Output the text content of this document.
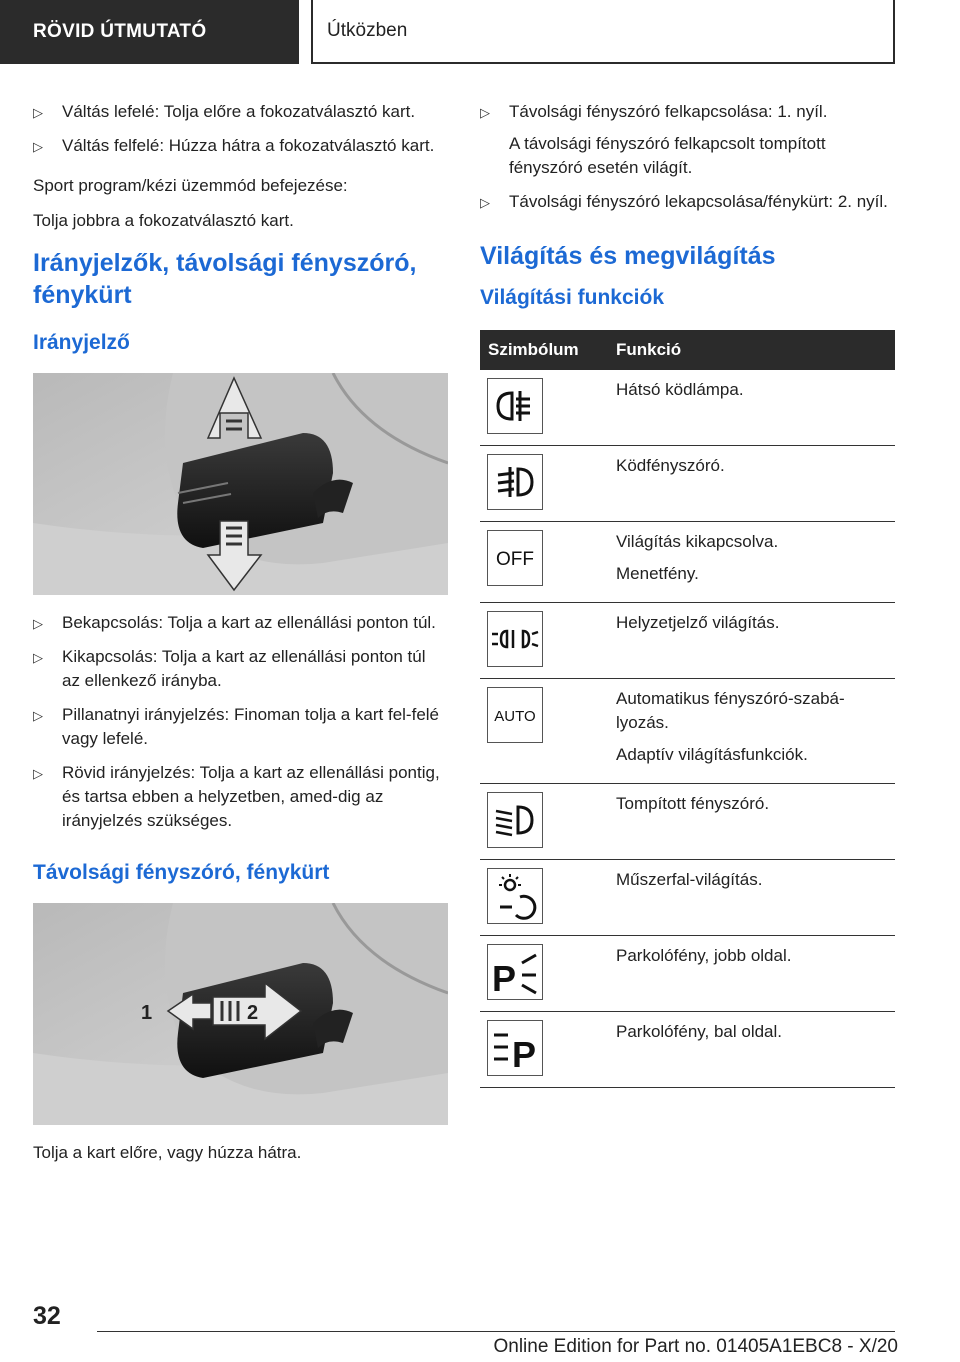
RÖVID ÚTMUTATÓ	Útközben
▷ Váltás lefelé: Tolja előre a fokozatválasztó kart.
▷ Váltás felfelé: Húzza hátra a fokozatválasztó kart.

Sport program/kézi üzemmód befejezése:

Tolja jobbra a fokozatválasztó kart.

Irányjelzők, távolsági fényszóró, fénykürt
Irányjelző
▷ Bekapcsolás: Tolja a kart az ellenállási ponton túl.
▷ Kikapcsolás: Tolja a kart az ellenállási ponton túl az ellenkező irányba.
▷ Pillanatnyi irányjelzés: Finoman tolja a kart fel‐felé vagy lefelé.
▷ Rövid irányjelzés: Tolja a kart az ellenállási pontig, és tartsa ebben a helyzetben, amed‐dig az irányjelzés szükséges.
Távolsági fényszóró, fénykürt
1	2

Tolja a kart előre, vagy húzza hátra.

▷ Távolsági fényszóró felkapcsolása: 1. nyíl.
A távolsági fényszóró felkapcsolt tompított fényszóró esetén világít.
▷ Távolsági fényszóró lekapcsolása/fénykürt: 2. nyíl.
Világítás és megvilágítás
Világítási funkciók
Szimbólum	Funkció

Hátsó ködlámpa.

Ködfényszóró.

OFF	Világítás kikapcsolva.

Menetfény.

Helyzetjelző világítás.

AUTO	Automatikus fényszóró-szabá‐lyozás.

Adaptív világításfunkciók.

Tompított fényszóró.

Műszerfal-világítás.

P	Parkolófény, jobb oldal.

P	Parkolófény, bal oldal.

32
Online Edition for Part no. 01405A1EBC8 - X/20
